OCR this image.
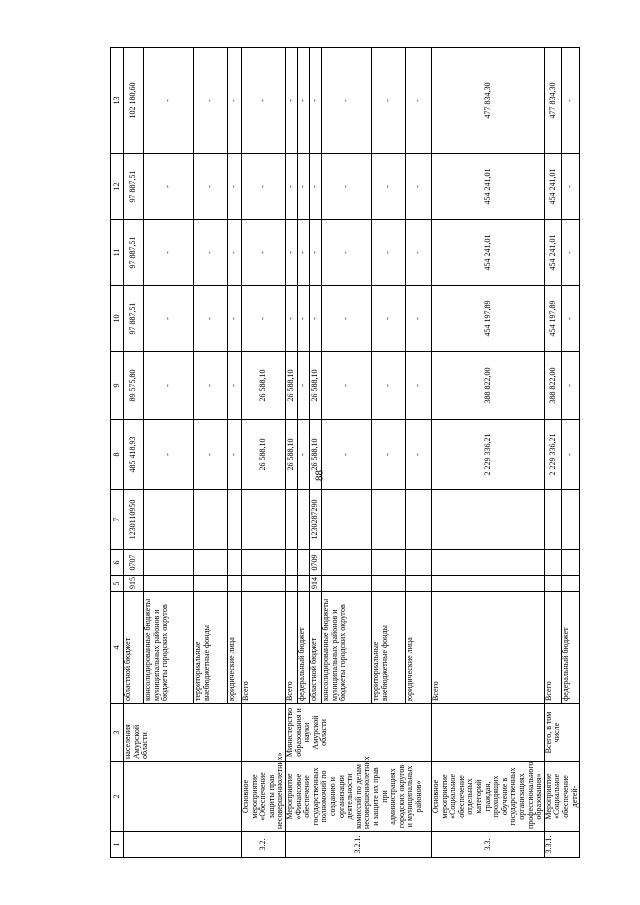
88
1	2	3	4	5	6	7	8	9	10	11	12	13
		населения Амурской области	областной бюджет	915	0707	1230110950	485 418,93	89 575,80	97 887,51	97 887,51	97 887,51	102 180,60
			консолидированные бюджеты муниципальных районов и бюджеты городских округов				-	-	-	-	-	-
			территориальные внебюджетные фонды				-	-	-	-	-	-
			юридические лица				-	-	-	-	-	-
3.2.	Основное мероприятие «Обеспечение защиты прав несовершеннолетних»		Всего				26 588,10	26 588,10	-	-	-	-
3.2.1.	Мероприятие «Финансовое обеспечение государственных полномочий по созданию и организации деятельности комиссий по делам несовершеннолетних и защите их прав при администрациях городских округов и муниципальных районов»	Министерство образования и науки Амурской области	Всего				26 588,10	26 588,10	-	-	-	-
			федеральный бюджет				-	-	-	-	-	-
			областной бюджет	914	0709	1230287290	26 588,10	26 588,10	-	-	-	-
			консолидированные бюджеты муниципальных районов и бюджеты городских округов				-	-	-	-	-	-
			территориальные внебюджетные фонды				-	-	-	-	-	-
			юридические лица				-	-	-	-	-	-
3.3.	Основное мероприятие «Социальное обеспечение отдельных категорий граждан, проходящих обучение в государственных организациях профессионального образования»		Всего				2 229 336,21	388 822,00	454 197,89	454 241,01	454 241,01	477 834,30
3.3.1.	Мероприятие «Социальное обеспечение детей-	Всего, в том числе	Всего				2 229 336,21	388 822,00	454 197,89	454 241,01	454 241,01	477 834,30
			федеральный бюджет				-	-	-	-	-	-
